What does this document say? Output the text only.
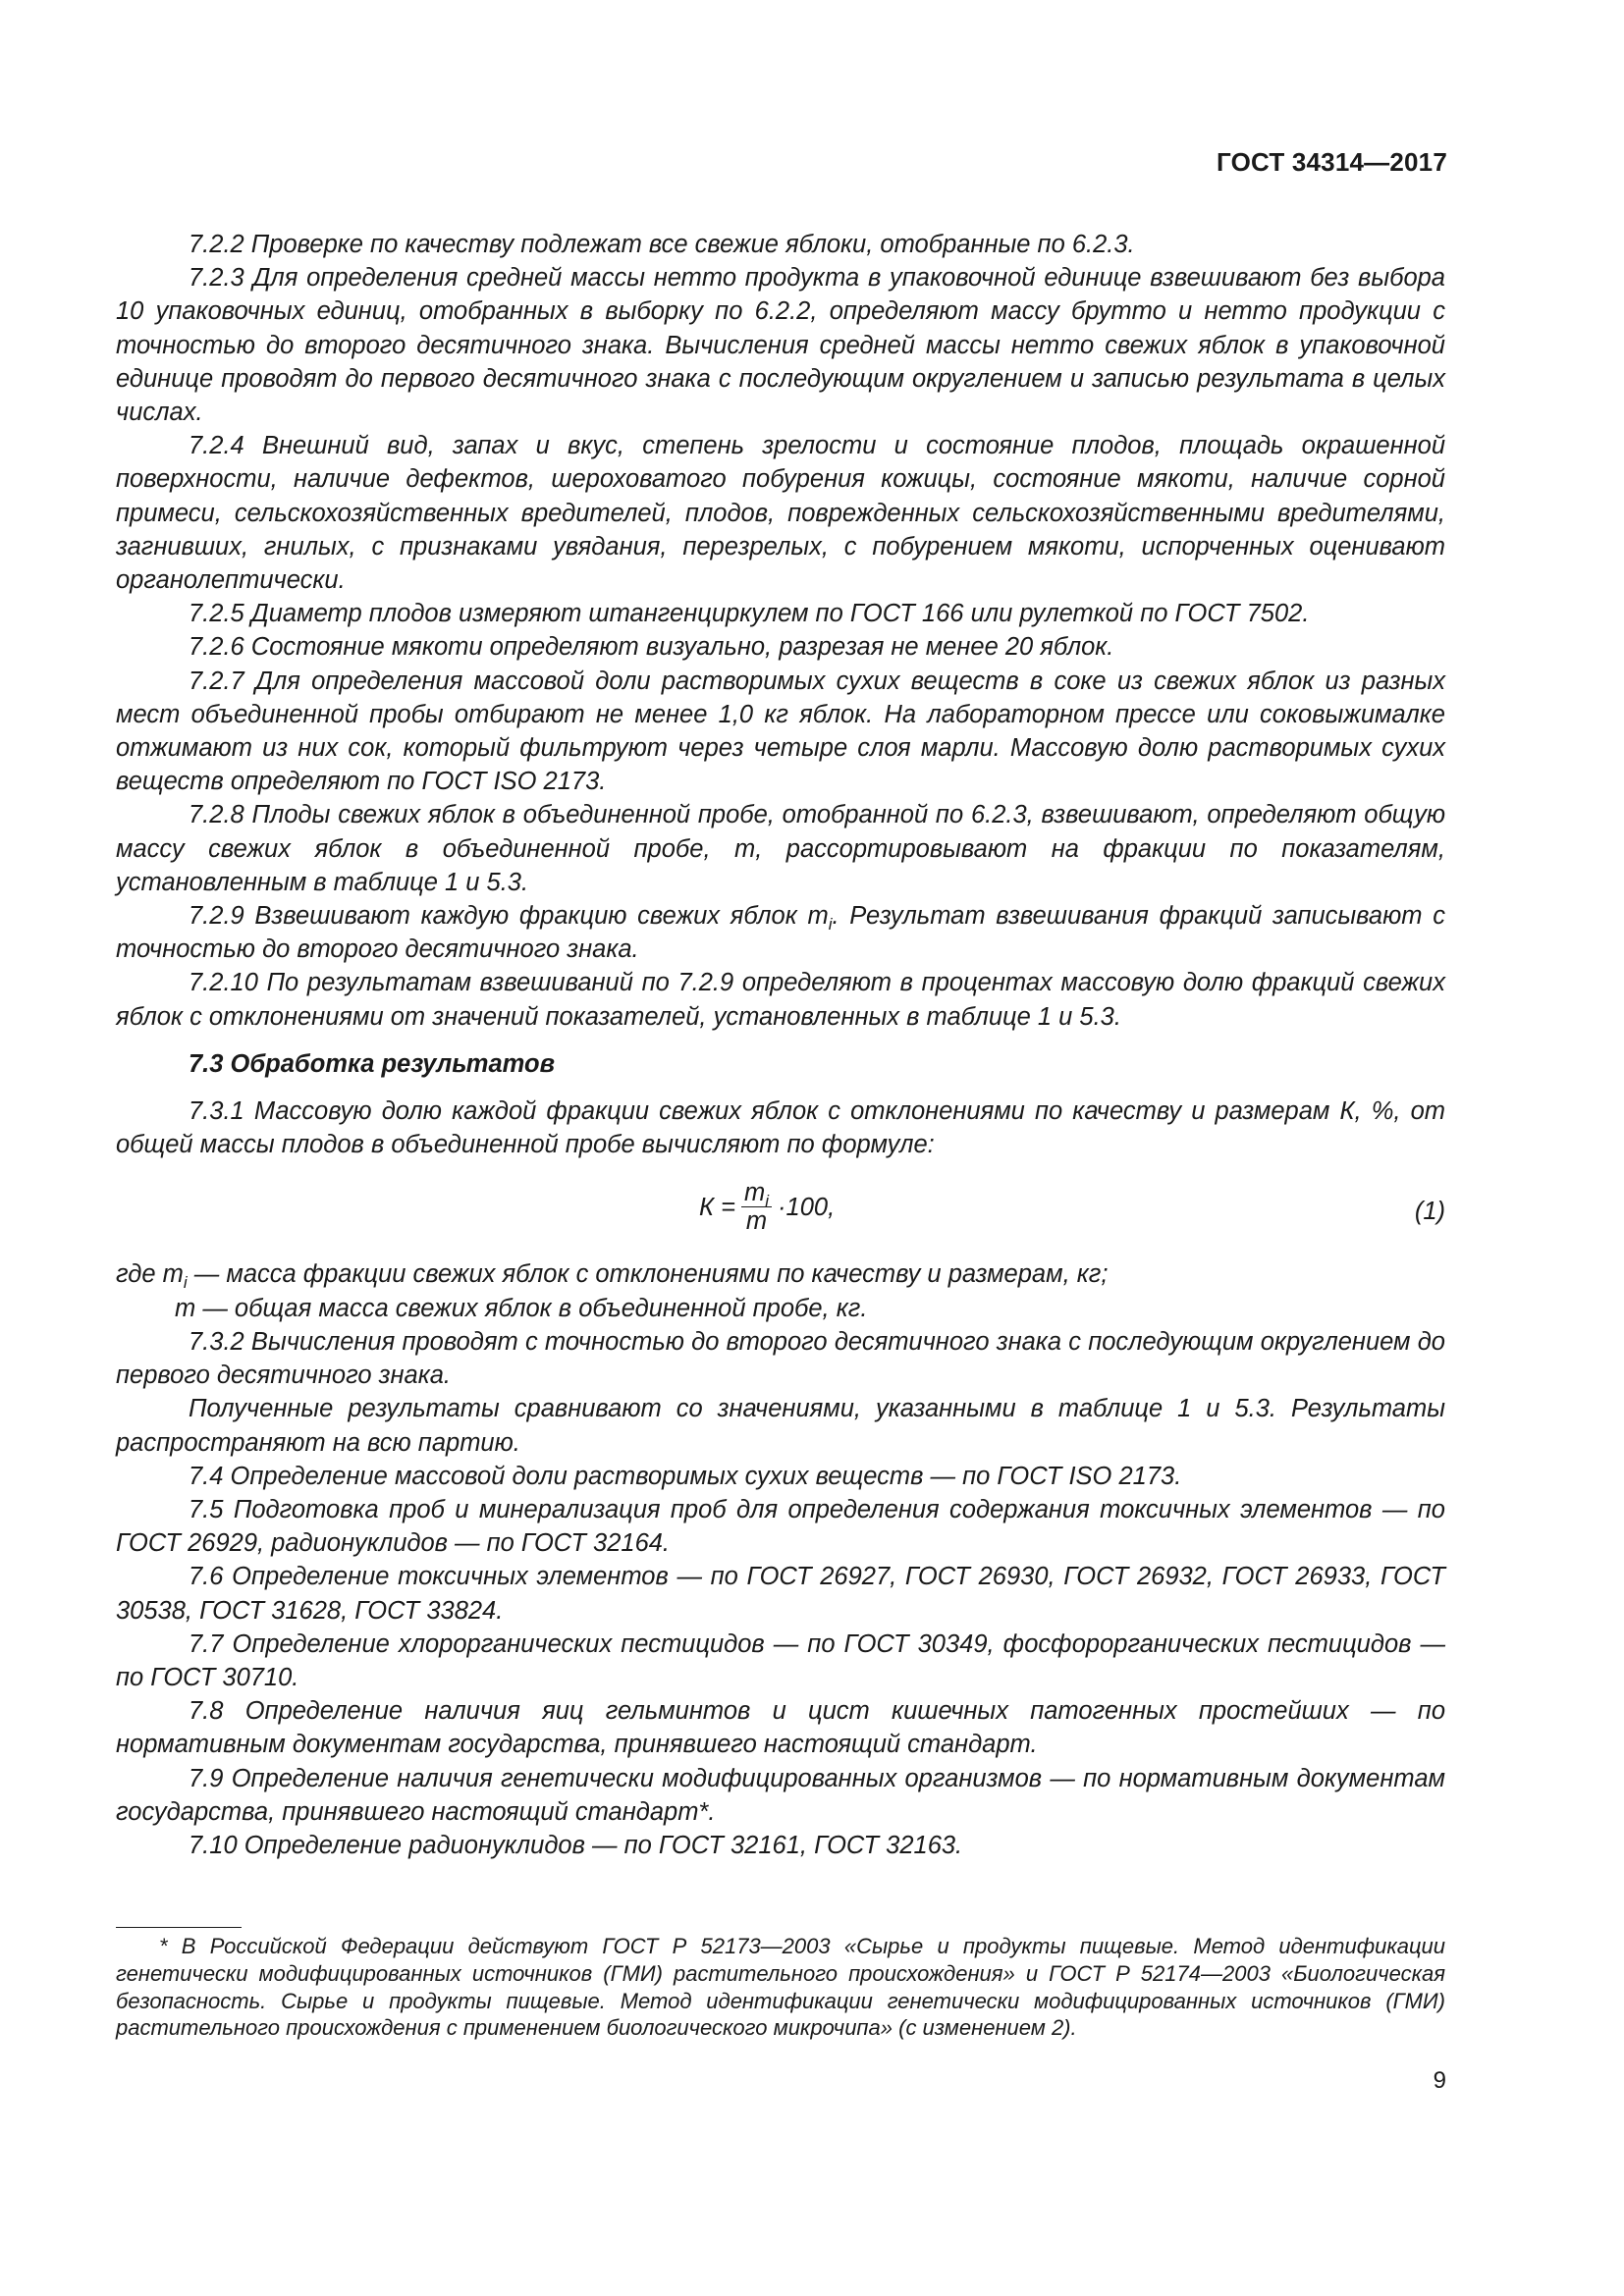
ГОСТ 34314—2017

7.2.2 Проверке по качеству подлежат все свежие яблоки, отобранные по 6.2.3.

7.2.3 Для определения средней массы нетто продукта в упаковочной единице взвешивают без выбора 10 упаковочных единиц, отобранных в выборку по 6.2.2, определяют массу брутто и нетто продукции с точностью до второго десятичного знака. Вычисления средней массы нетто свежих яблок в упаковочной единице проводят до первого десятичного знака с последующим округлением и записью результата в целых числах.

7.2.4 Внешний вид, запах и вкус, степень зрелости и состояние плодов, площадь окрашенной поверхности, наличие дефектов, шероховатого побурения кожицы, состояние мякоти, наличие сорной примеси, сельскохозяйственных вредителей, плодов, поврежденных сельскохозяйственными вредителями, загнивших, гнилых, с признаками увядания, перезрелых, с побурением мякоти, испорченных оценивают органолептически.

7.2.5 Диаметр плодов измеряют штангенциркулем по ГОСТ 166 или рулеткой по ГОСТ 7502.

7.2.6 Состояние мякоти определяют визуально, разрезая не менее 20 яблок.

7.2.7 Для определения массовой доли растворимых сухих веществ в соке из свежих яблок из разных мест объединенной пробы отбирают не менее 1,0 кг яблок. На лабораторном прессе или соковыжималке отжимают из них сок, который фильтруют через четыре слоя марли. Массовую долю растворимых сухих веществ определяют по ГОСТ ISO 2173.

7.2.8 Плоды свежих яблок в объединенной пробе, отобранной по 6.2.3, взвешивают, определяют общую массу свежих яблок в объединенной пробе, m, рассортировывают на фракции по показателям, установленным в таблице 1 и 5.3.

7.2.9 Взвешивают каждую фракцию свежих яблок $m_i$. Результат взвешивания фракций записывают с точностью до второго десятичного знака.

7.2.10 По результатам взвешиваний по 7.2.9 определяют в процентах массовую долю фракций свежих яблок с отклонениями от значений показателей, установленных в таблице 1 и 5.3.

7.3 Обработка результатов

7.3.1 Массовую долю каждой фракции свежих яблок с отклонениями по качеству и размерам К, %, от общей массы плодов в объединенной пробе вычисляют по формуле:

$К = \frac{m_i}{m} \cdot 100$,	(1)

где $m_i$ — масса фракции свежих яблок с отклонениями по качеству и размерам, кг;

m — общая масса свежих яблок в объединенной пробе, кг.

7.3.2 Вычисления проводят с точностью до второго десятичного знака с последующим округлением до первого десятичного знака.

Полученные результаты сравнивают со значениями, указанными в таблице 1 и 5.3. Результаты распространяют на всю партию.

7.4 Определение массовой доли растворимых сухих веществ — по ГОСТ ISO 2173.

7.5 Подготовка проб и минерализация проб для определения содержания токсичных элементов — по ГОСТ 26929, радионуклидов — по ГОСТ 32164.

7.6 Определение токсичных элементов — по ГОСТ 26927, ГОСТ 26930, ГОСТ 26932, ГОСТ 26933, ГОСТ 30538, ГОСТ 31628, ГОСТ 33824.

7.7 Определение хлорорганических пестицидов — по ГОСТ 30349, фосфорорганических пестицидов — по ГОСТ 30710.

7.8 Определение наличия яиц гельминтов и цист кишечных патогенных простейших — по нормативным документам государства, принявшего настоящий стандарт.

7.9 Определение наличия генетически модифицированных организмов — по нормативным документам государства, принявшего настоящий стандарт*.

7.10 Определение радионуклидов — по ГОСТ 32161, ГОСТ 32163.

* В Российской Федерации действуют ГОСТ Р 52173—2003 «Сырье и продукты пищевые. Метод идентификации генетически модифицированных источников (ГМИ) растительного происхождения» и ГОСТ Р 52174—2003 «Биологическая безопасность. Сырье и продукты пищевые. Метод идентификации генетически модифицированных источников (ГМИ) растительного происхождения с применением биологического микрочипа» (с изменением 2).

9
